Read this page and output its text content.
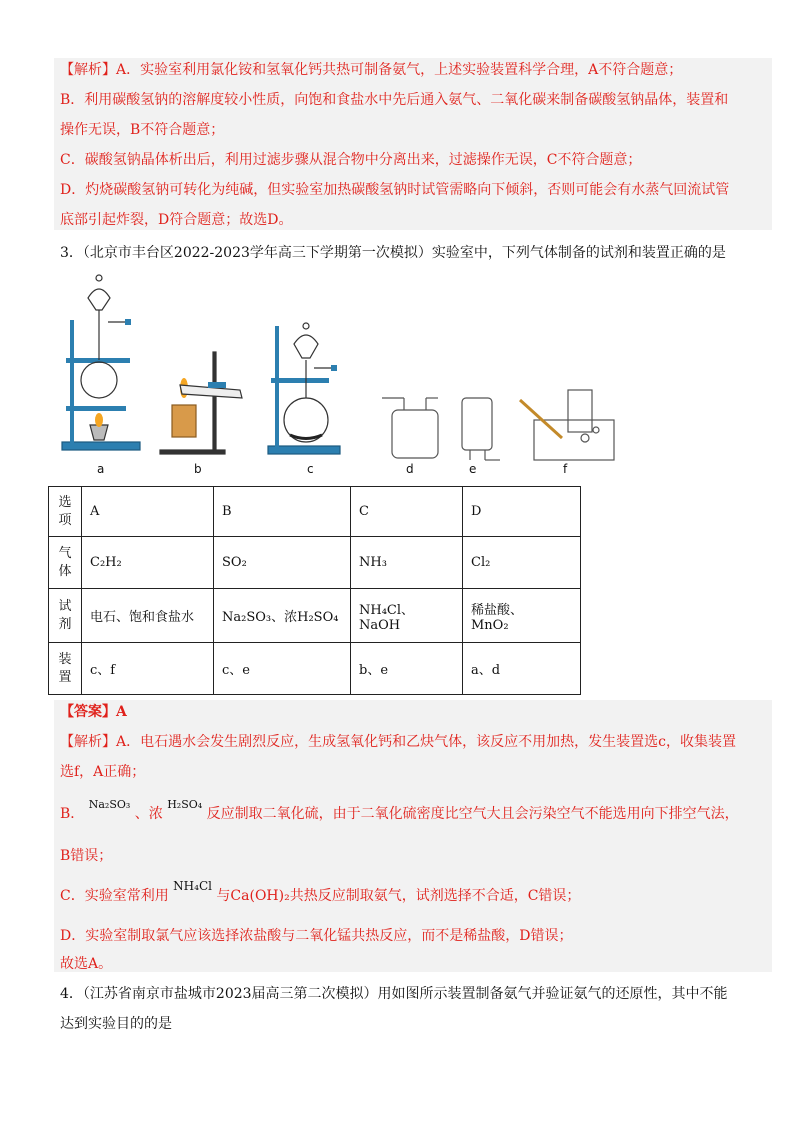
【解析】A．实验室利用氯化铵和氢氧化钙共热可制备氨气，上述实验装置科学合理，A不符合题意；
B．利用碳酸氢钠的溶解度较小性质，向饱和食盐水中先后通入氨气、二氧化碳来制备碳酸氢钠晶体，装置和
操作无误，B不符合题意；
C．碳酸氢钠晶体析出后，利用过滤步骤从混合物中分离出来，过滤操作无误，C不符合题意；
D．灼烧碳酸氢钠可转化为纯碱，但实验室加热碳酸氢钠时试管需略向下倾斜，否则可能会有水蒸气回流试管
底部引起炸裂，D符合题意；故选D。
3．（北京市丰台区2022-2023学年高三下学期第一次模拟）实验室中，下列气体制备的试剂和装置正确的是
a	b	c	d	e	f
选
项	A	B	C	D
气
体	C₂H₂	SO₂	NH₃	Cl₂
试
剂	电石、饱和食盐水	Na₂SO₃、浓H₂SO₄	NH₄Cl、NaOH	稀盐酸、
MnO₂
装
置	c、f	c、e	b、e	a、d
【答案】A
【解析】A．电石遇水会发生剧烈反应，生成氢氧化钙和乙炔气体，该反应不用加热，发生装置选c，收集装置
选f，A正确；
B． $^{Na_2SO_3}$ 、浓 $^{H_2SO_4}$ 反应制取二氧化硫，由于二氧化硫密度比空气大且会污染空气不能选用向下排空气法，
B错误；
C．实验室常利用 NH₄Cl 与Ca(OH)₂共热反应制取氨气，试剂选择不合适，C错误；
D．实验室制取氯气应该选择浓盐酸与二氧化锰共热反应，而不是稀盐酸，D错误；
故选A。
4．（江苏省南京市盐城市2023届高三第二次模拟）用如图所示装置制备氨气并验证氨气的还原性，其中不能
达到实验目的的是
